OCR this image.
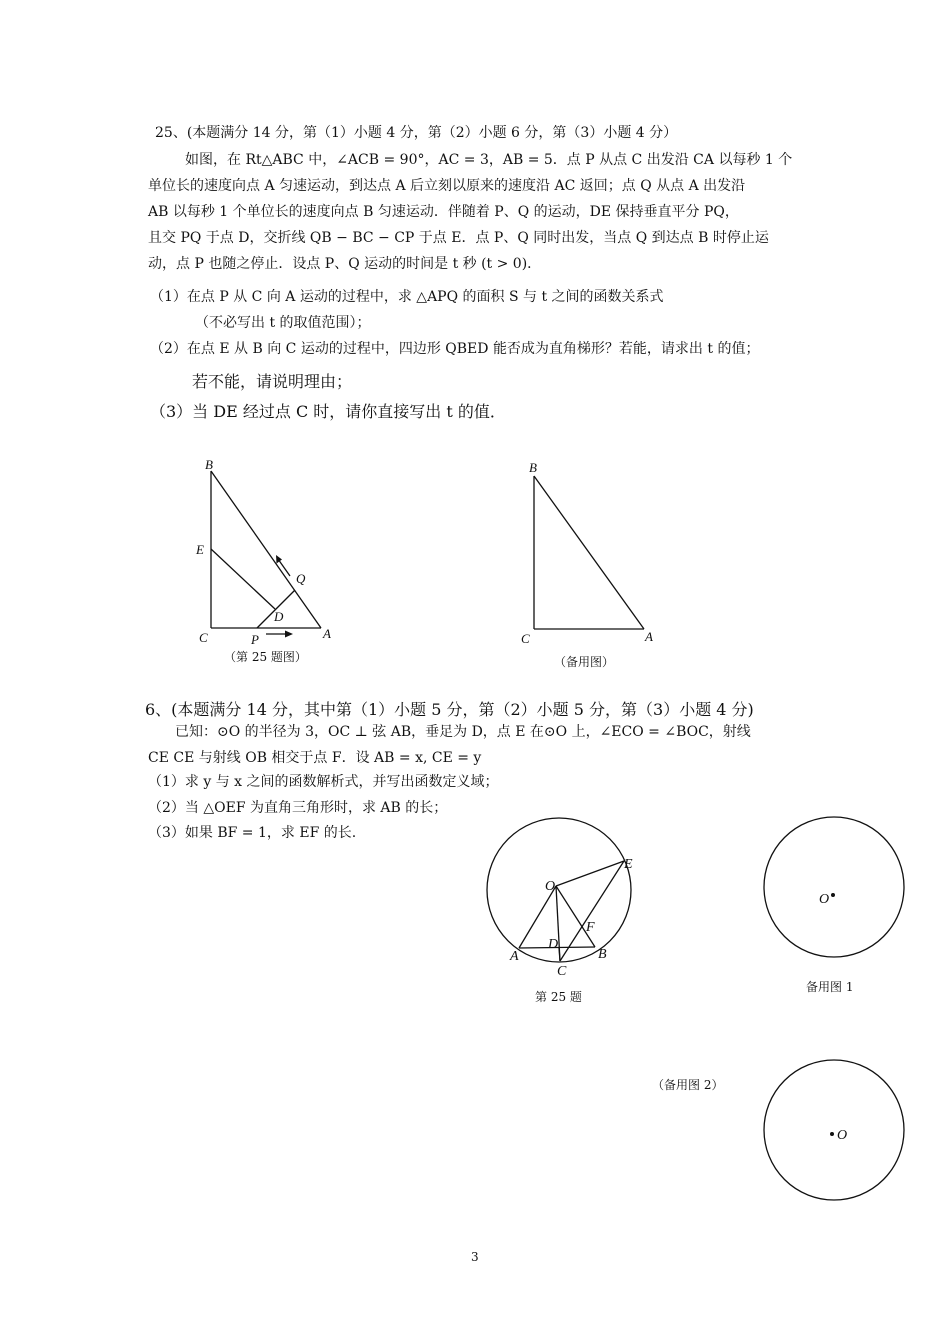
25、(本题满分 14 分，第（1）小题 4 分，第（2）小题 6 分，第（3）小题 4 分）
如图，在 Rt△ABC 中，∠ACB = 90°，AC = 3，AB = 5．点 P 从点 C 出发沿 CA 以每秒 1 个
单位长的速度向点 A 匀速运动，到达点 A 后立刻以原来的速度沿 AC 返回；点 Q 从点 A 出发沿
AB 以每秒 1 个单位长的速度向点 B 匀速运动．伴随着 P、Q 的运动，DE 保持垂直平分 PQ，
且交 PQ 于点 D，交折线 QB − BC − CP 于点 E．点 P、Q 同时出发，当点 Q 到达点 B 时停止运
动，点 P 也随之停止．设点 P、Q 运动的时间是 t 秒 (t > 0)．
（1）在点 P 从 C 向 A 运动的过程中，求 △APQ 的面积 S 与 t 之间的函数关系式
（不必写出 t 的取值范围）；
（2）在点 E 从 B 向 C 运动的过程中，四边形 QBED 能否成为直角梯形？若能，请求出 t 的值；
若不能，请说明理由；
（3）当 DE 经过点 C 时，请你直接写出 t 的值．
B
E
Q
D
C	P	A
（第 25 题图）
B
C	A
（备用图）
6、(本题满分 14 分，其中第（1）小题 5 分，第（2）小题 5 分，第（3）小题 4 分)
已知：⊙O 的半径为 3，OC ⊥ 弦 AB，垂足为 D，点 E 在⊙O 上，∠ECO = ∠BOC，射线
CE CE 与射线 OB 相交于点 F．设 AB = x, CE = y
（1）求 y 与 x 之间的函数解析式，并写出函数定义域；
（2）当 △OEF 为直角三角形时，求 AB 的长；
（3）如果 BF = 1，求 EF 的长.
O
E
F
D
A	B
C
第 25 题
O
备用图 1
（备用图 2）
O
3
